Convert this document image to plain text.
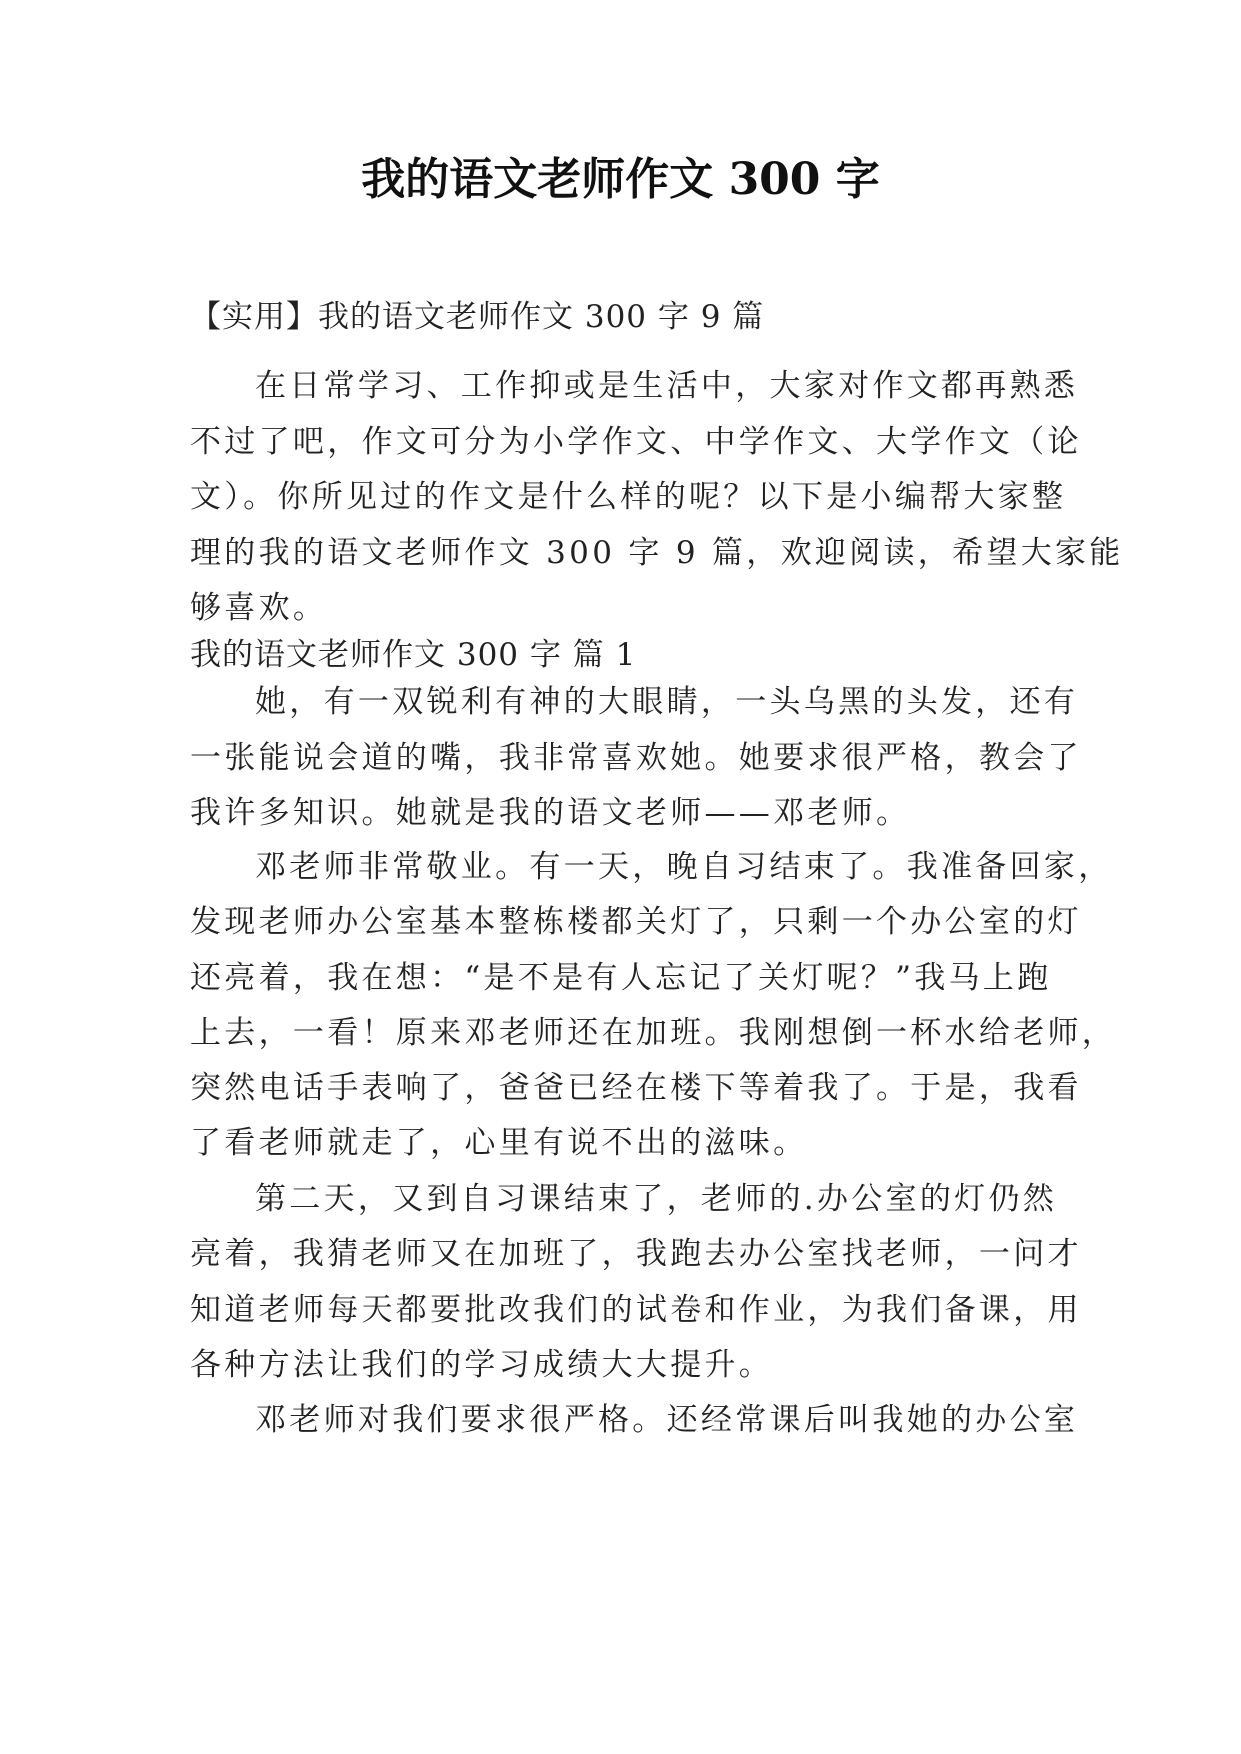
我的语文老师作文 300 字
【实用】我的语文老师作文 300 字 9 篇
在日常学习、工作抑或是生活中，大家对作文都再熟悉
不过了吧，作文可分为小学作文、中学作文、大学作文（论
文）。你所见过的作文是什么样的呢？以下是小编帮大家整
理的我的语文老师作文 300 字 9 篇，欢迎阅读，希望大家能
够喜欢。
我的语文老师作文 300 字 篇 1
她，有一双锐利有神的大眼睛，一头乌黑的头发，还有
一张能说会道的嘴，我非常喜欢她。她要求很严格，教会了
我许多知识。她就是我的语文老师——邓老师。
邓老师非常敬业。有一天，晚自习结束了。我准备回家，
发现老师办公室基本整栋楼都关灯了，只剩一个办公室的灯
还亮着，我在想：“是不是有人忘记了关灯呢？”我马上跑
上去，一看！原来邓老师还在加班。我刚想倒一杯水给老师，
突然电话手表响了，爸爸已经在楼下等着我了。于是，我看
了看老师就走了，心里有说不出的滋味。
第二天，又到自习课结束了，老师的.办公室的灯仍然
亮着，我猜老师又在加班了，我跑去办公室找老师，一问才
知道老师每天都要批改我们的试卷和作业，为我们备课，用
各种方法让我们的学习成绩大大提升。
邓老师对我们要求很严格。还经常课后叫我她的办公室
